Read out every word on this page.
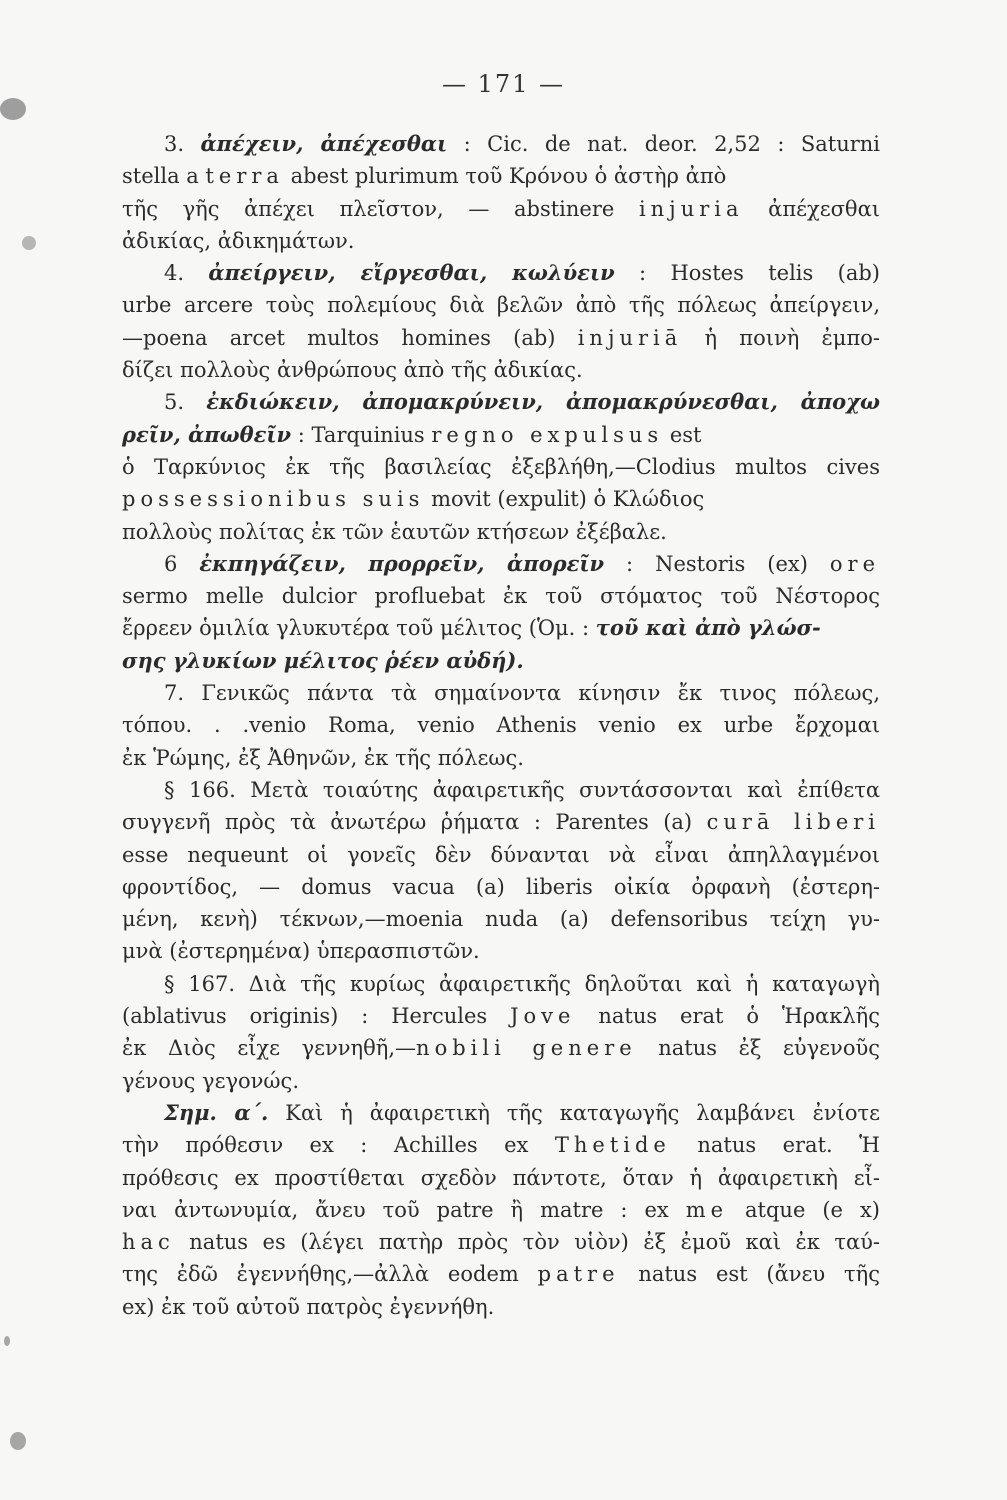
— 171 —
3. ἀπέχειν, ἀπέχεσθαι : Cic. de nat. deor. 2,52 : Saturni
stella a terra abest plurimum τοῦ Κρόνου ὁ ἀστὴρ ἀπὸ
τῆς γῆς ἀπέχει πλεῖστον, — abstinere injuria ἀπέχεσθαι
ἀδικίας, ἀδικημάτων.
4. ἀπείργειν, εἴργεσθαι, κωλύειν : Hostes telis (ab)
urbe arcere τοὺς πολεμίους διὰ βελῶν ἀπὸ τῆς πόλεως ἀπείργειν,
—poena arcet multos homines (ab) injuriā ἡ ποινὴ ἐμπο-
δίζει πολλοὺς ἀνθρώπους ἀπὸ τῆς ἀδικίας.
5. ἐκδιώκειν, ἀπομακρύνειν, ἀπομακρύνεσθαι, ἀποχω
ρεῖν, ἀπωθεῖν : Tarquinius regno expulsus est
ὁ Ταρκύνιος ἐκ τῆς βασιλείας ἐξεβλήθη,—Clodius multos cives
possessionibus suis movit (expulit) ὁ Κλώδιος
πολλοὺς πολίτας ἐκ τῶν ἑαυτῶν κτήσεων ἐξέβαλε.
6 ἐκπηγάζειν, προρρεῖν, ἀπορεῖν : Nestoris (ex) ore
sermo melle dulcior profluebat ἐκ τοῦ στόματος τοῦ Νέστορος
ἔρρεεν ὁμιλία γλυκυτέρα τοῦ μέλιτος (Ὁμ. : τοῦ καὶ ἀπὸ γλώσ-
σης γλυκίων μέλιτος ῥέεν αὐδή).
7. Γενικῶς πάντα τὰ σημαίνοντα κίνησιν ἔκ τινος πόλεως,
τόπου. . .venio Roma, venio Athenis venio ex urbe ἔρχομαι
ἐκ Ῥώμης, ἐξ Ἀθηνῶν, ἐκ τῆς πόλεως.
§ 166. Μετὰ τοιαύτης ἀφαιρετικῆς συντάσσονται καὶ ἐπίθετα
συγγενῆ πρὸς τὰ ἀνωτέρω ῥήματα : Parentes (a) curā liberi
esse nequeunt οἱ γονεῖς δὲν δύνανται νὰ εἶναι ἀπηλλαγμένοι
φροντίδος, — domus vacua (a) liberis οἰκία ὀρφανὴ (ἐστερη-
μένη, κενὴ) τέκνων,—moenia nuda (a) defensoribus τείχη γυ-
μνὰ (ἐστερημένα) ὑπερασπιστῶν.
§ 167. Διὰ τῆς κυρίως ἀφαιρετικῆς δηλοῦται καὶ ἡ καταγωγὴ
(ablativus originis) : Hercules Jove natus erat ὁ Ἡρακλῆς
ἐκ Διὸς εἶχε γεννηθῆ,—nobili genere natus ἐξ εὐγενοῦς
γένους γεγονώς.
Σημ. α΄. Καὶ ἡ ἀφαιρετικὴ τῆς καταγωγῆς λαμβάνει ἐνίοτε
τὴν πρόθεσιν ex : Achilles ex Thetide natus erat. Ἡ
πρόθεσις ex προστίθεται σχεδὸν πάντοτε, ὅταν ἡ ἀφαιρετικὴ εἶ-
ναι ἀντωνυμία, ἄνευ τοῦ patre ἢ matre : ex me atque (e x)
hac natus es (λέγει πατὴρ πρὸς τὸν υἱὸν) ἐξ ἐμοῦ καὶ ἐκ ταύ-
της ἐδῶ ἐγεννήθης,—ἀλλὰ eodem patre natus est (ἄνευ τῆς
ex) ἐκ τοῦ αὐτοῦ πατρὸς ἐγεννήθη.
